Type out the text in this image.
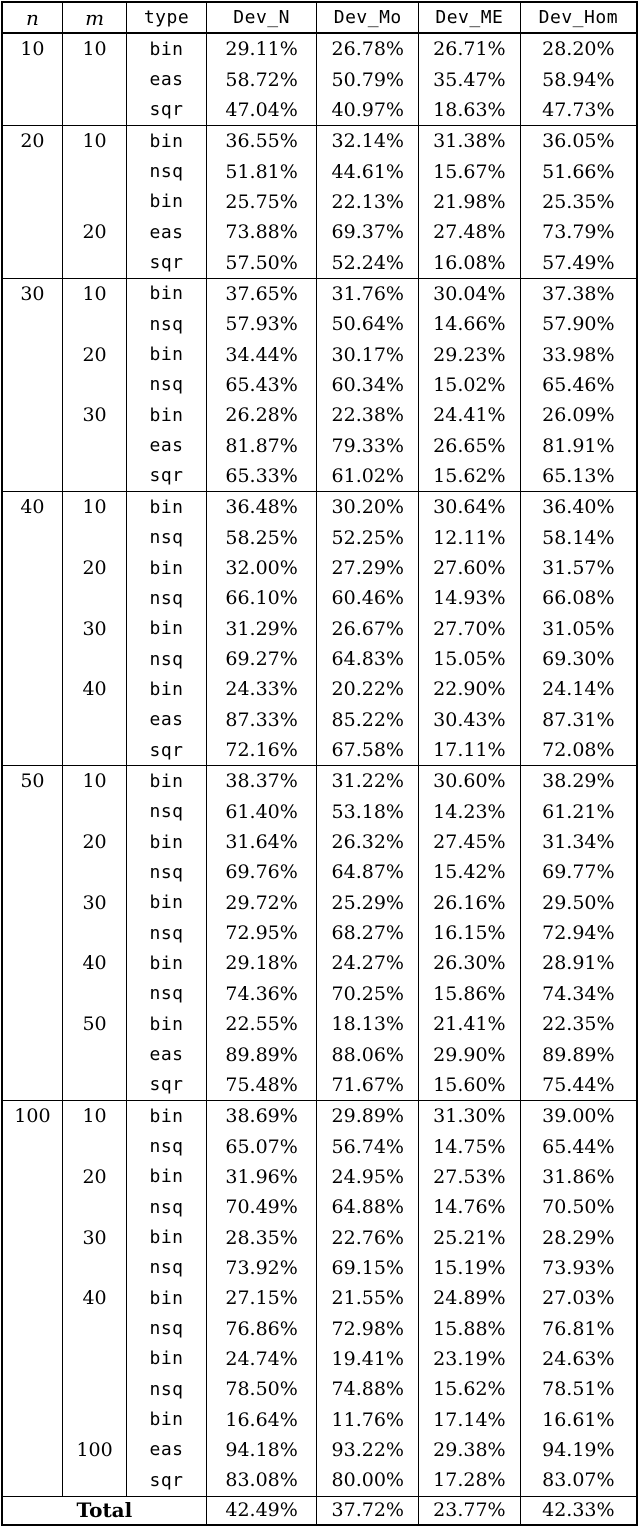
n	m	type	Dev_N	Dev_Mo	Dev_ME	Dev_Hom
10	10	bin	29.11%	26.78%	26.71%	28.20%
		eas	58.72%	50.79%	35.47%	58.94%
		sqr	47.04%	40.97%	18.63%	47.73%
20	10	bin	36.55%	32.14%	31.38%	36.05%
		nsq	51.81%	44.61%	15.67%	51.66%
		bin	25.75%	22.13%	21.98%	25.35%
	20	eas	73.88%	69.37%	27.48%	73.79%
		sqr	57.50%	52.24%	16.08%	57.49%
30	10	bin	37.65%	31.76%	30.04%	37.38%
		nsq	57.93%	50.64%	14.66%	57.90%
	20	bin	34.44%	30.17%	29.23%	33.98%
		nsq	65.43%	60.34%	15.02%	65.46%
	30	bin	26.28%	22.38%	24.41%	26.09%
		eas	81.87%	79.33%	26.65%	81.91%
		sqr	65.33%	61.02%	15.62%	65.13%
40	10	bin	36.48%	30.20%	30.64%	36.40%
		nsq	58.25%	52.25%	12.11%	58.14%
	20	bin	32.00%	27.29%	27.60%	31.57%
		nsq	66.10%	60.46%	14.93%	66.08%
	30	bin	31.29%	26.67%	27.70%	31.05%
		nsq	69.27%	64.83%	15.05%	69.30%
	40	bin	24.33%	20.22%	22.90%	24.14%
		eas	87.33%	85.22%	30.43%	87.31%
		sqr	72.16%	67.58%	17.11%	72.08%
50	10	bin	38.37%	31.22%	30.60%	38.29%
		nsq	61.40%	53.18%	14.23%	61.21%
	20	bin	31.64%	26.32%	27.45%	31.34%
		nsq	69.76%	64.87%	15.42%	69.77%
	30	bin	29.72%	25.29%	26.16%	29.50%
		nsq	72.95%	68.27%	16.15%	72.94%
	40	bin	29.18%	24.27%	26.30%	28.91%
		nsq	74.36%	70.25%	15.86%	74.34%
	50	bin	22.55%	18.13%	21.41%	22.35%
		eas	89.89%	88.06%	29.90%	89.89%
		sqr	75.48%	71.67%	15.60%	75.44%
100	10	bin	38.69%	29.89%	31.30%	39.00%
		nsq	65.07%	56.74%	14.75%	65.44%
	20	bin	31.96%	24.95%	27.53%	31.86%
		nsq	70.49%	64.88%	14.76%	70.50%
	30	bin	28.35%	22.76%	25.21%	28.29%
		nsq	73.92%	69.15%	15.19%	73.93%
	40	bin	27.15%	21.55%	24.89%	27.03%
		nsq	76.86%	72.98%	15.88%	76.81%
		bin	24.74%	19.41%	23.19%	24.63%
		nsq	78.50%	74.88%	15.62%	78.51%
		bin	16.64%	11.76%	17.14%	16.61%
	100	eas	94.18%	93.22%	29.38%	94.19%
		sqr	83.08%	80.00%	17.28%	83.07%
Total			42.49%	37.72%	23.77%	42.33%
